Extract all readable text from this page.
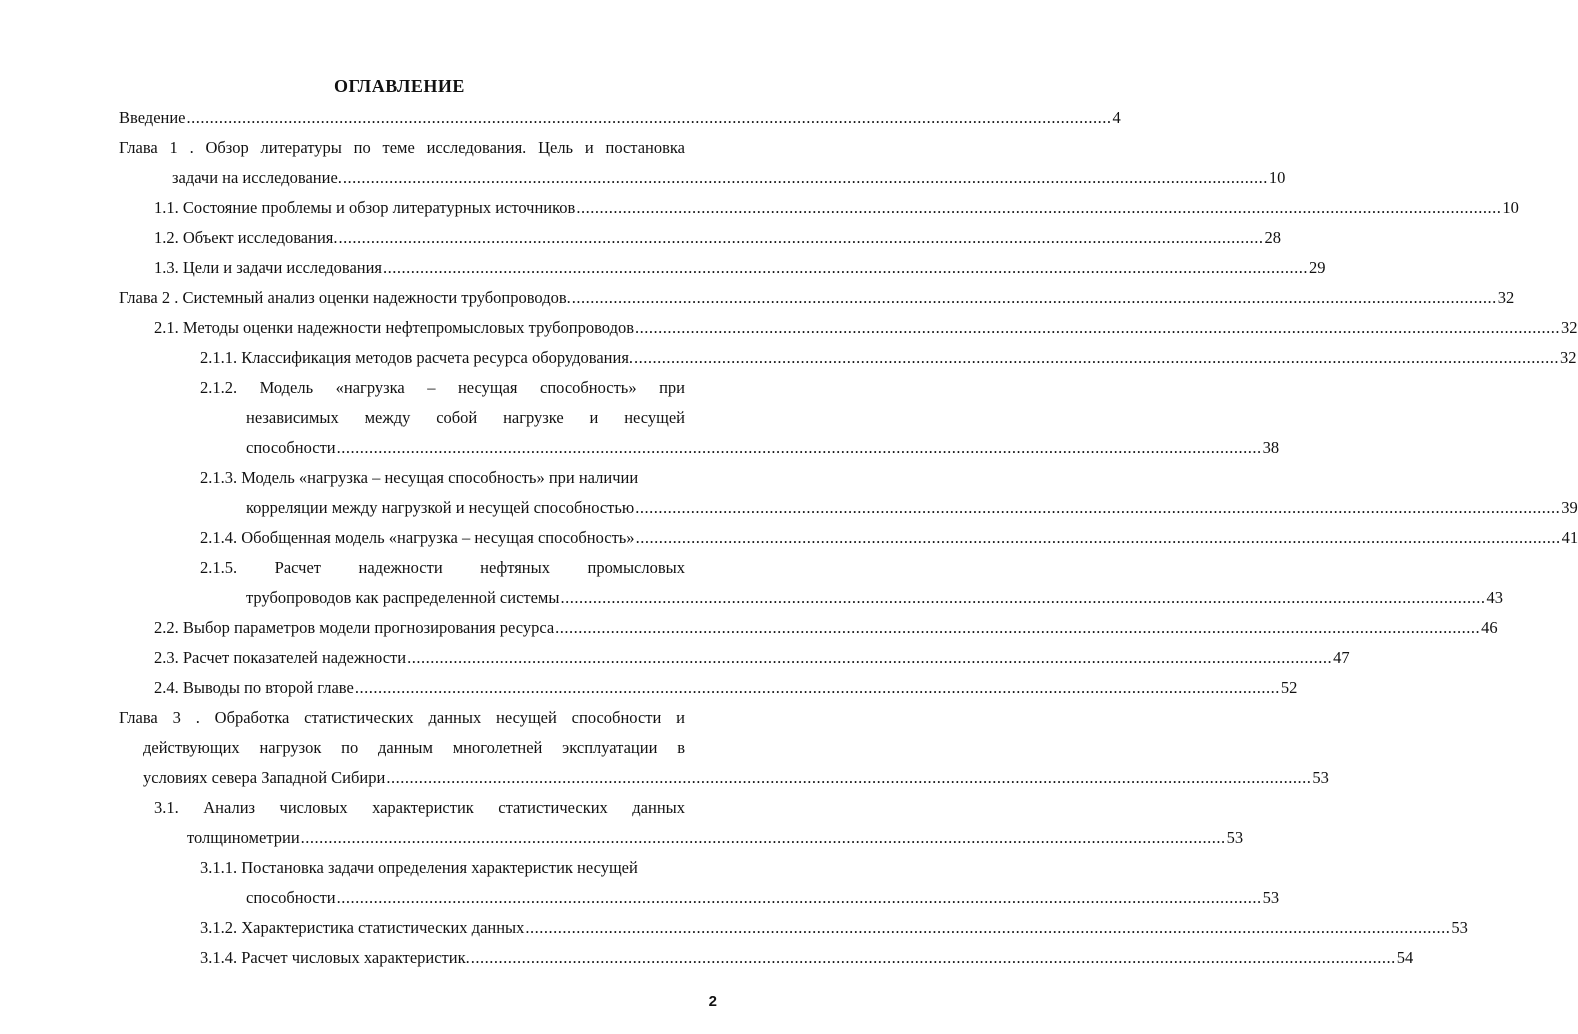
ОГЛАВЛЕНИЕ
Введение ........................................................................................................................................................................................................ 4
Глава 1 . Обзор литературы по теме исследования. Цель и постановка
задачи на исследование. ........................................................................................................................................................................................................ 10
1.1. Состояние проблемы и обзор литературных источников ........................................................................................................................................................................................................ 10
1.2. Объект исследования. ........................................................................................................................................................................................................ 28
1.3. Цели и задачи исследования ........................................................................................................................................................................................................ 29
Глава 2 . Системный анализ оценки надежности трубопроводов. ........................................................................................................................................................................................................ 32
2.1. Методы оценки надежности нефтепромысловых трубопроводов ........................................................................................................................................................................................................ 32
2.1.1. Классификация методов расчета ресурса оборудования. ........................................................................................................................................................................................................ 32
2.1.2. Модель «нагрузка – несущая способность» при
независимых между собой нагрузке и несущей
способности ........................................................................................................................................................................................................ 38
2.1.3. Модель «нагрузка – несущая способность» при наличии
корреляции между нагрузкой и несущей способностью ........................................................................................................................................................................................................ 39
2.1.4. Обобщенная модель «нагрузка – несущая способность» ........................................................................................................................................................................................................ 41
2.1.5. Расчет надежности нефтяных промысловых
трубопроводов как распределенной системы ........................................................................................................................................................................................................ 43
2.2. Выбор параметров модели прогнозирования ресурса ........................................................................................................................................................................................................ 46
2.3. Расчет показателей надежности ........................................................................................................................................................................................................ 47
2.4. Выводы по второй главе ........................................................................................................................................................................................................ 52
Глава 3 . Обработка статистических данных несущей способности и
действующих нагрузок по данным многолетней эксплуатации в
условиях севера Западной Сибири ........................................................................................................................................................................................................ 53
3.1. Анализ числовых характеристик статистических данных
толщинометрии ........................................................................................................................................................................................................ 53
3.1.1. Постановка задачи определения характеристик несущей
способности ........................................................................................................................................................................................................ 53
3.1.2. Характеристика статистических данных ........................................................................................................................................................................................................ 53
3.1.4. Расчет числовых характеристик. ........................................................................................................................................................................................................ 54
2
